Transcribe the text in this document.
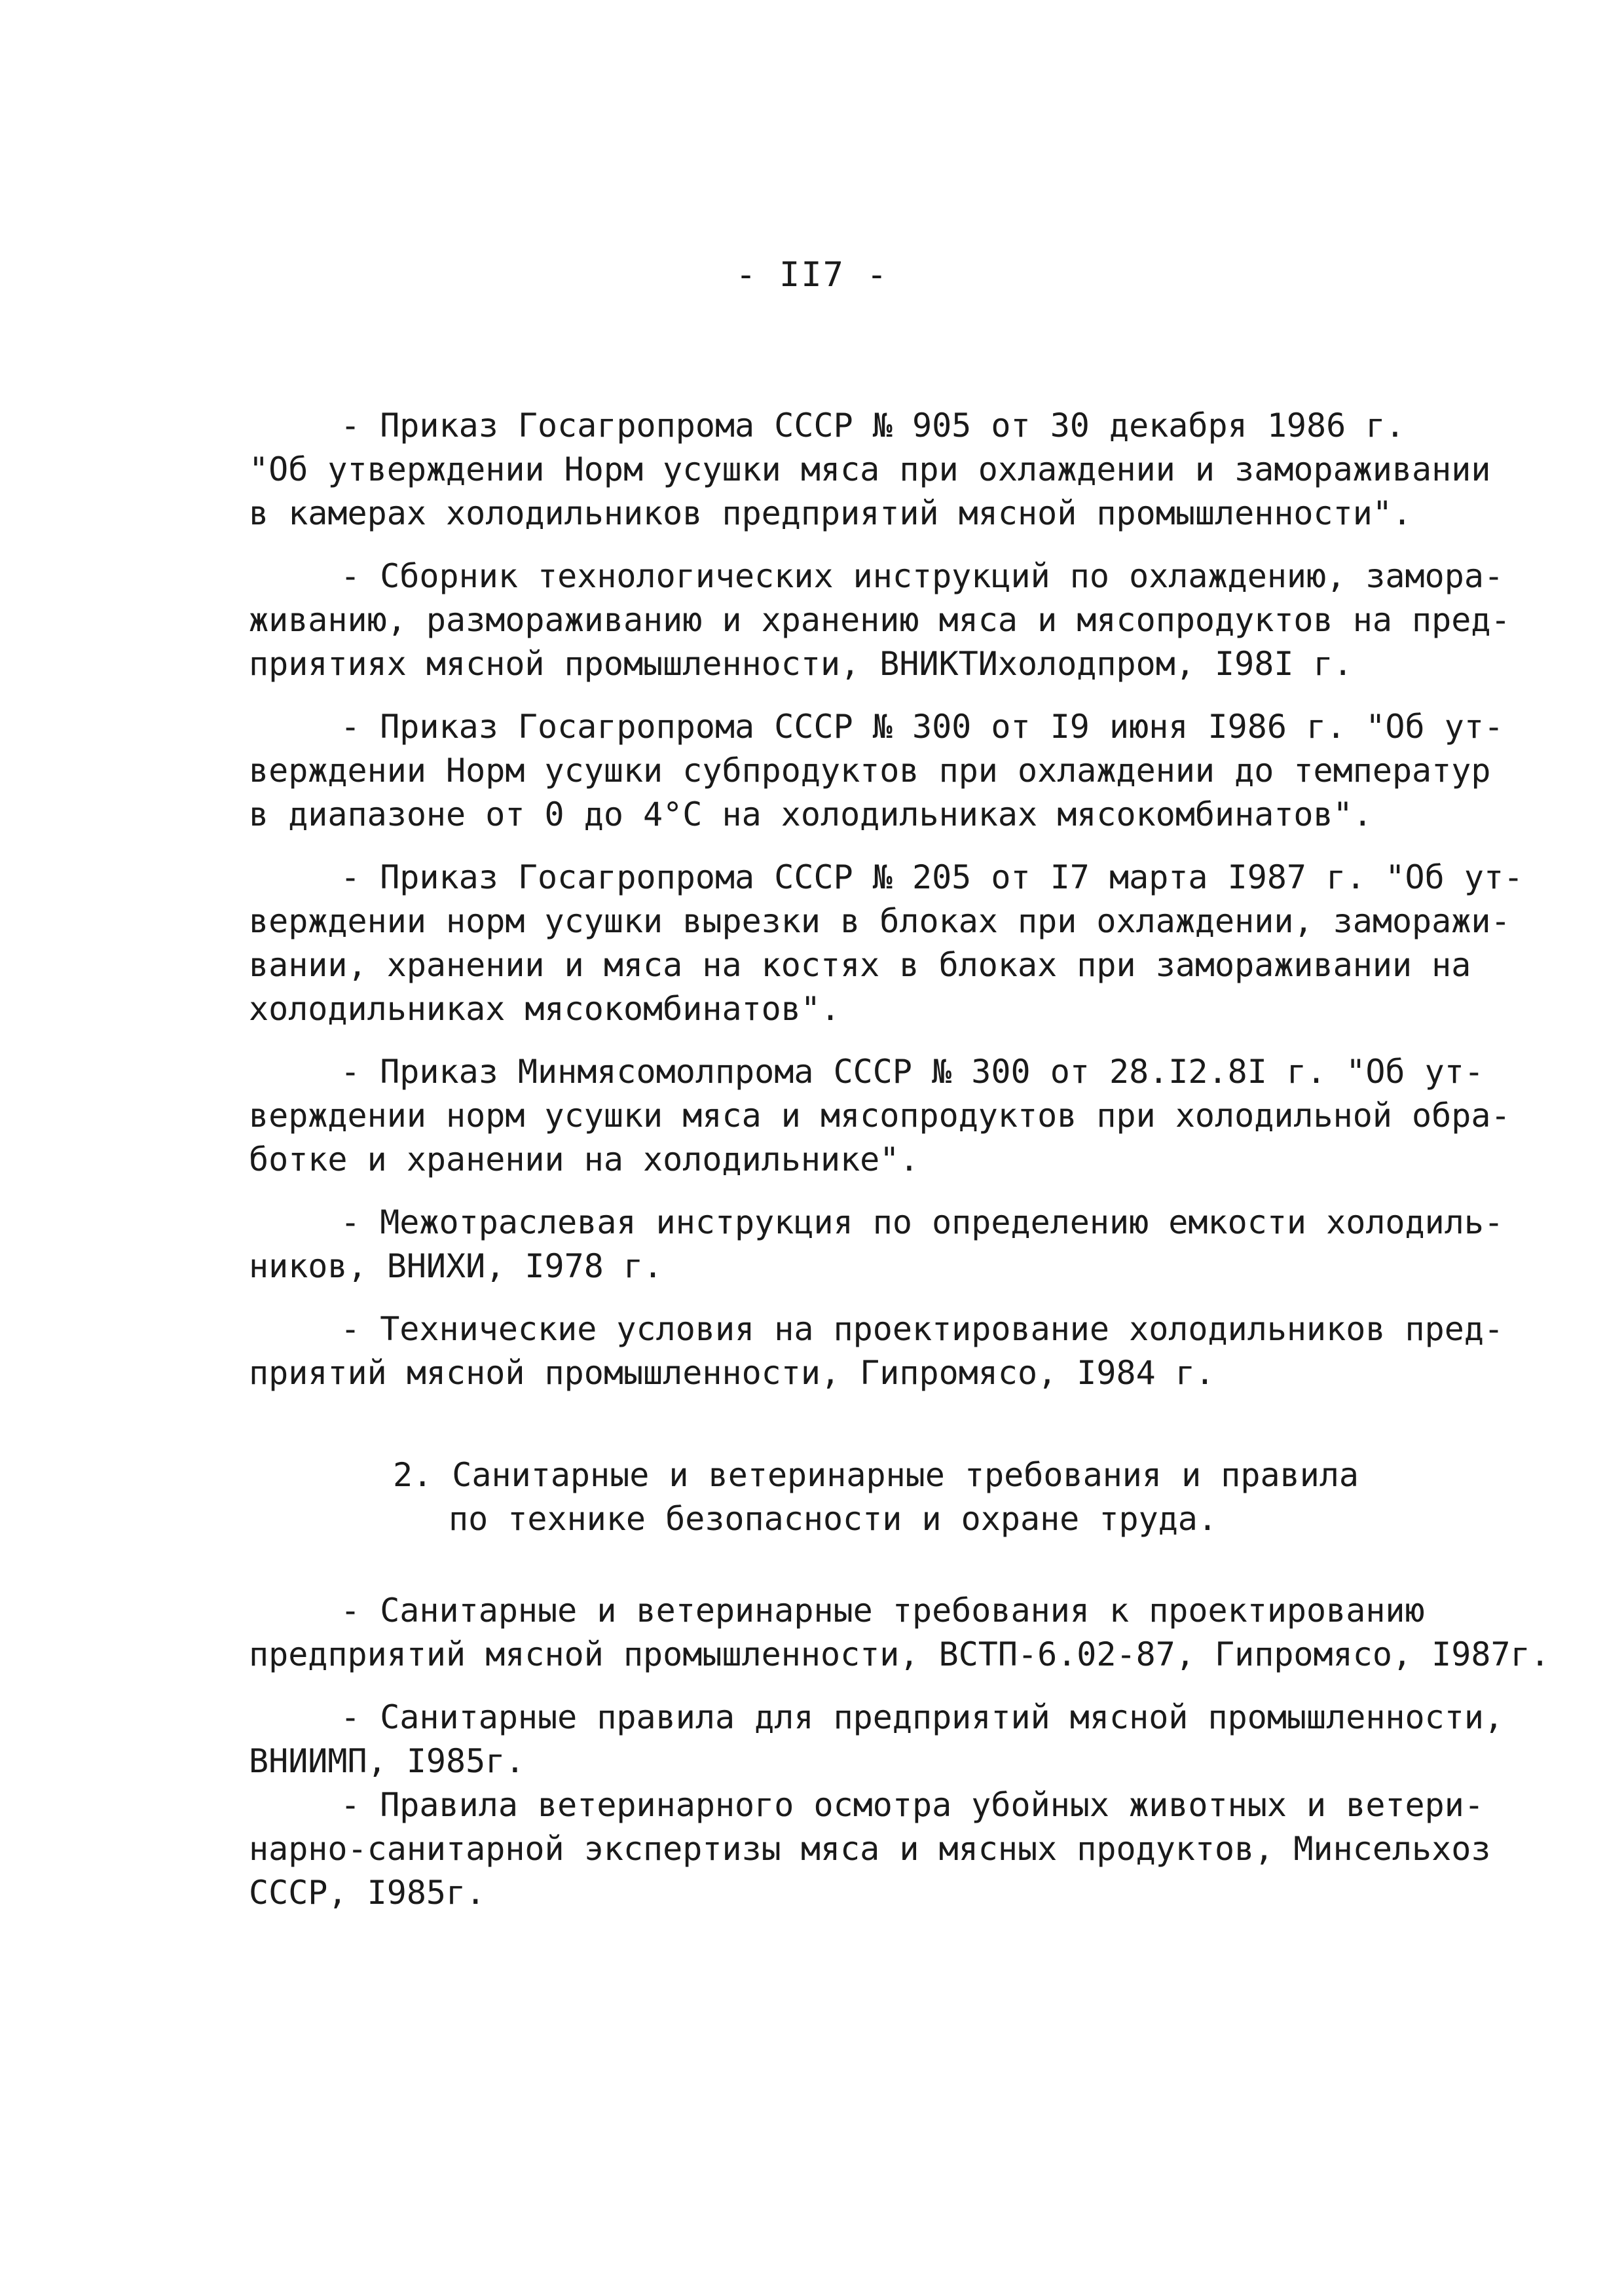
- II7 -
- Приказ Госагропрома СССР № 905 от 30 декабря 1986 г.
"Об утверждении Норм усушки мяса при охлаждении и замораживании
в камерах холодильников предприятий мясной промышленности".
- Сборник технологических инструкций по охлаждению, замора-
живанию, размораживанию и хранению мяса и мясопродуктов на пред-
приятиях мясной промышленности, ВНИКТИхолодпром, I98I г.
- Приказ Госагропрома СССР № 300 от I9 июня I986 г. "Об ут-
верждении Норм усушки субпродуктов при охлаждении до температур
в диапазоне от 0 до 4°С на холодильниках мясокомбинатов".
- Приказ Госагропрома СССР № 205 от I7 марта I987 г. "Об ут-
верждении норм усушки вырезки в блоках при охлаждении, заморажи-
вании, хранении и мяса на костях в блоках при замораживании на
холодильниках мясокомбинатов".
- Приказ Минмясомолпрома СССР № 300 от 28.I2.8I г. "Об ут-
верждении норм усушки мяса и мясопродуктов при холодильной обра-
ботке и хранении на холодильнике".
- Межотраслевая инструкция по определению емкости холодиль-
ников, ВНИХИ, I978 г.
- Технические условия на проектирование холодильников пред-
приятий мясной промышленности, Гипромясо, I984 г.
2. Санитарные и ветеринарные требования и правила
по технике безопасности и охране труда.
- Санитарные и ветеринарные требования к проектированию
предприятий мясной промышленности, ВСТП-6.02-87, Гипромясо, I987г.
- Санитарные правила для предприятий мясной промышленности,
ВНИИМП, I985г.
- Правила ветеринарного осмотра убойных животных и ветери-
нарно-санитарной экспертизы мяса и мясных продуктов, Минсельхоз
СССР, I985г.
